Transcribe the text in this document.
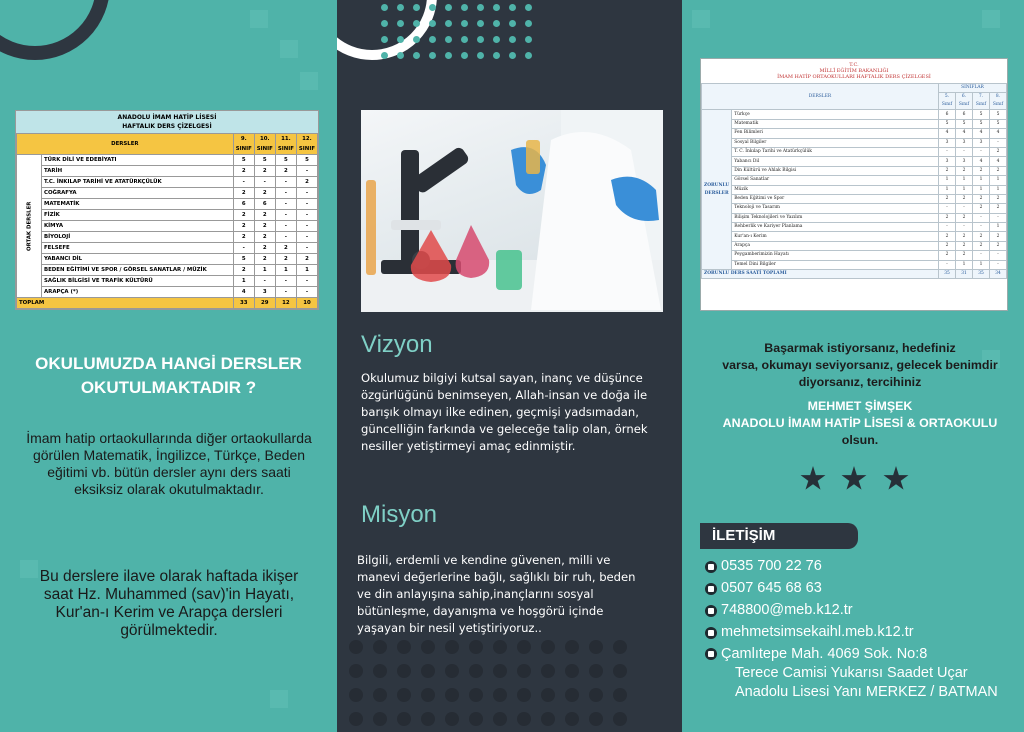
ANADOLU İMAM HATİP LİSESİ
HAFTALIK DERS ÇİZELGESİ
DERSLER		9. SINIF	10. SINIF	11. SINIF	12. SINIF
ORTAK DERSLER	TÜRK DİLİ VE EDEBİYATI	5	5	5	5
	TARİH	2	2	2	-
	T.C. İNKILAP TARİHİ VE ATATÜRKÇÜLÜK	-	-	-	2
	COĞRAFYA	2	2	-	-
	MATEMATİK	6	6	-	-
	FİZİK	2	2	-	-
	KİMYA	2	2	-	-
	BİYOLOJİ	2	2	-	-
	FELSEFE	-	2	2	-
	YABANCI DİL	5	2	2	2
	BEDEN EĞİTİMİ VE SPOR / GÖRSEL SANATLAR / MÜZİK	2	1	1	1
	SAĞLIK BİLGİSİ VE TRAFİK KÜLTÜRÜ	1	-	-	-
	ARAPÇA (*)	4	3	-	-
TOPLAM		33	29	12	10
OKULUMUZDA HANGİ DERSLER
OKUTULMAKTADIR ?
İmam hatip ortaokullarında diğer ortaokullarda görülen Matematik, İngilizce, Türkçe, Beden eğitimi vb. bütün dersler aynı ders saati eksiksiz olarak okutulmaktadır.
Bu derslere ilave olarak haftada ikişer saat Hz. Muhammed (sav)'in Hayatı, Kur'an-ı Kerim ve Arapça dersleri görülmektedir.
Vizyon
Okulumuz bilgiyi kutsal sayan, inanç ve düşünce özgürlüğünü benimseyen, Allah-insan ve doğa ile barışık olmayı ilke edinen, geçmişi yadsımadan, güncelliğin farkında ve geleceğe talip olan, örnek nesiller yetiştirmeyi amaç edinmiştir.
Misyon
Bilgili, erdemli ve kendine güvenen, milli ve manevi değerlerine bağlı, sağlıklı bir ruh, beden ve din anlayışına sahip,inançlarını sosyal bütünleşme, dayanışma ve hoşgörü içinde yaşayan bir nesil yetiştiriyoruz..
T.C.
MİLLÎ EĞİTİM BAKANLIĞI
İMAM HATİP ORTAOKULLARI HAFTALIK DERS ÇİZELGESİ
DERSLER		SINIFLAR			
		5. Sınıf	6. Sınıf	7. Sınıf	8. Sınıf
ZORUNLU DERSLER	Türkçe	6	6	5	5
	Matematik	5	5	5	5
	Fen Bilimleri	4	4	4	4
	Sosyal Bilgiler	3	3	3	-
	T. C. İnkılap Tarihi ve Atatürkçülük	-	-	-	2
	Yabancı Dil	3	3	4	4
	Din Kültürü ve Ahlak Bilgisi	2	2	2	2
	Görsel Sanatlar	1	1	1	1
	Müzik	1	1	1	1
	Beden Eğitimi ve Spor	2	2	2	2
	Teknoloji ve Tasarım	-	-	2	2
	Bilişim Teknolojileri ve Yazılım	2	2	-	-
	Rehberlik ve Kariyer Planlama	-	-	-	1
	Kur'an-ı Kerim	2	2	2	2
	Arapça	2	2	2	2
	Peygamberimizin Hayatı	2	2	-	-
	Temel Dini Bilgiler	-	1	1	-
ZORUNLU DERS SAATİ TOPLAMI		35	31	35	34
Başarmak istiyorsanız, hedefiniz
varsa, okumayı seviyorsanız, gelecek benimdir
diyorsanız, tercihiniz
MEHMET ŞİMŞEK
ANADOLU İMAM HATİP LİSESİ & ORTAOKULU
olsun.
İLETİŞİM
0535 700 22 76
0507 645 68 63
748800@meb.k12.tr
mehmetsimsekaihl.meb.k12.tr
Çamlıtepe Mah. 4069 Sok. No:8
Terece Camisi Yukarısı Saadet Uçar
Anadolu Lisesi Yanı MERKEZ / BATMAN
